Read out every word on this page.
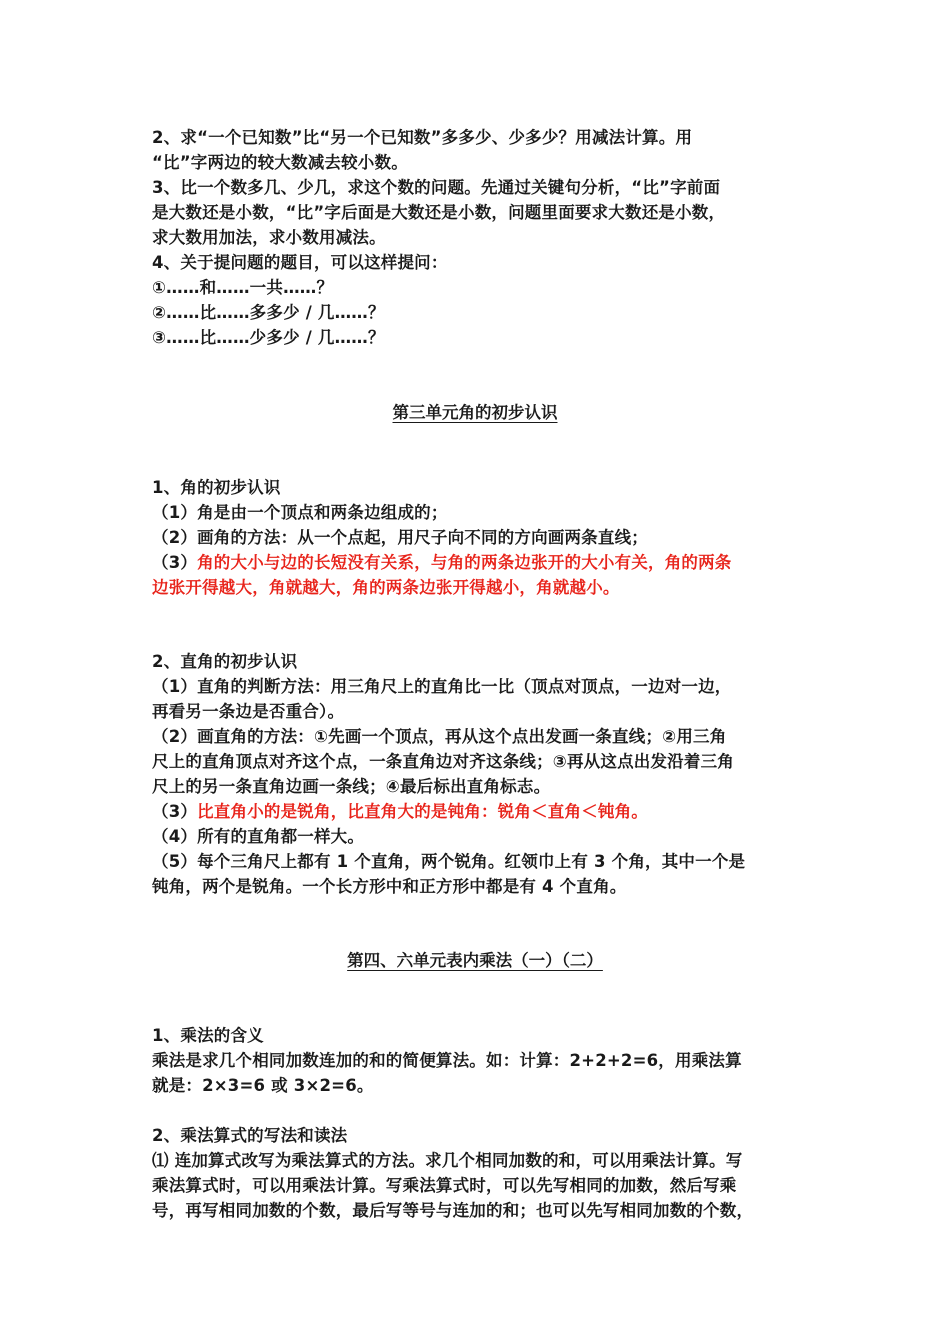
2、求“一个已知数”比“另一个已知数”多多少、少多少？用减法计算。用
“比”字两边的较大数减去较小数。
3、比一个数多几、少几，求这个数的问题。先通过关键句分析，“比”字前面
是大数还是小数，“比”字后面是大数还是小数，问题里面要求大数还是小数，
求大数用加法，求小数用减法。
4、关于提问题的题目，可以这样提问：
①……和……一共……？
②……比……多多少 / 几……？
③……比……少多少 / 几……？
第三单元角的初步认识
1、角的初步认识
（1）角是由一个顶点和两条边组成的；
（2）画角的方法：从一个点起，用尺子向不同的方向画两条直线；
（3）角的大小与边的长短没有关系，与角的两条边张开的大小有关，角的两条
边张开得越大，角就越大，角的两条边张开得越小，角就越小。
2、直角的初步认识
（1）直角的判断方法：用三角尺上的直角比一比（顶点对顶点，一边对一边，
再看另一条边是否重合）。
（2）画直角的方法：①先画一个顶点，再从这个点出发画一条直线；②用三角
尺上的直角顶点对齐这个点，一条直角边对齐这条线；③再从这点出发沿着三角
尺上的另一条直角边画一条线；④最后标出直角标志。
（3）比直角小的是锐角，比直角大的是钝角：锐角＜直角＜钝角。
（4）所有的直角都一样大。
（5）每个三角尺上都有 1 个直角，两个锐角。红领巾上有 3 个角，其中一个是
钝角，两个是锐角。一个长方形中和正方形中都是有 4 个直角。
第四、六单元表内乘法（一）（二）
1、乘法的含义
乘法是求几个相同加数连加的和的简便算法。如：计算：2+2+2=6，用乘法算
就是：2×3=6 或 3×2=6。
2、乘法算式的写法和读法
⑴ 连加算式改写为乘法算式的方法。求几个相同加数的和，可以用乘法计算。写
乘法算式时，可以用乘法计算。写乘法算式时，可以先写相同的加数，然后写乘
号，再写相同加数的个数，最后写等号与连加的和；也可以先写相同加数的个数，
